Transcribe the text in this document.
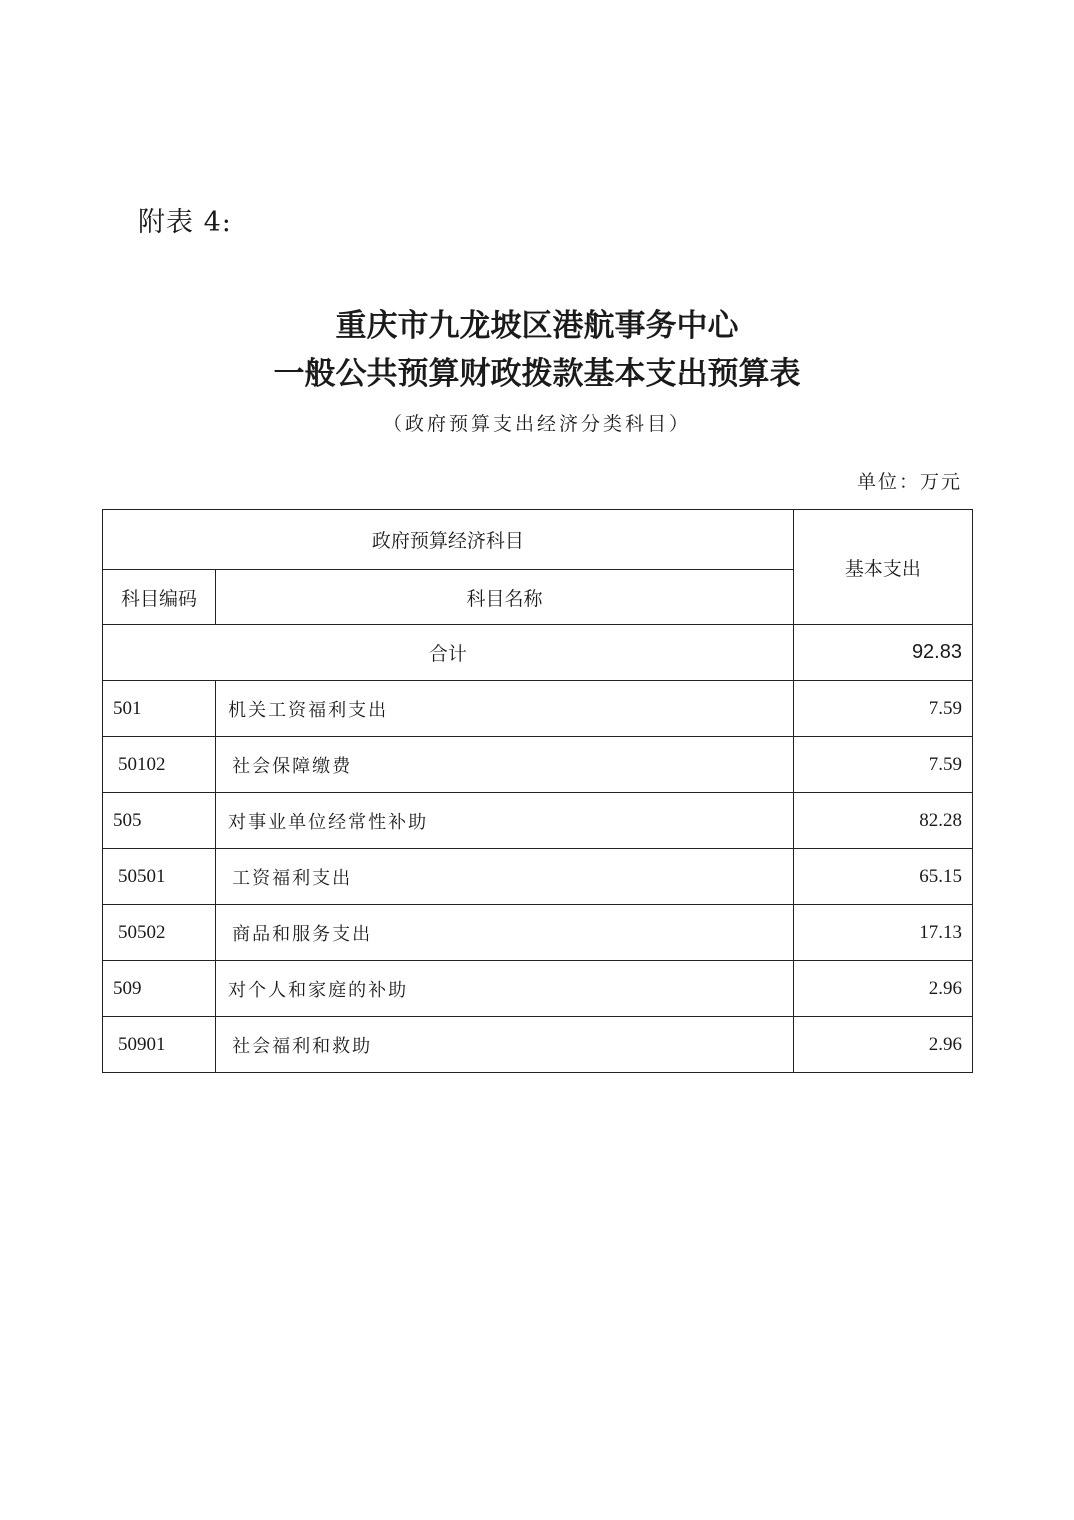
附表 4:
重庆市九龙坡区港航事务中心
一般公共预算财政拨款基本支出预算表
（政府预算支出经济分类科目）
单位：万元
政府预算经济科目		基本支出
科目编码	科目名称	
合计		92.83
501	机关工资福利支出	7.59
50102	社会保障缴费	7.59
505	对事业单位经常性补助	82.28
50501	工资福利支出	65.15
50502	商品和服务支出	17.13
509	对个人和家庭的补助	2.96
50901	社会福利和救助	2.96
